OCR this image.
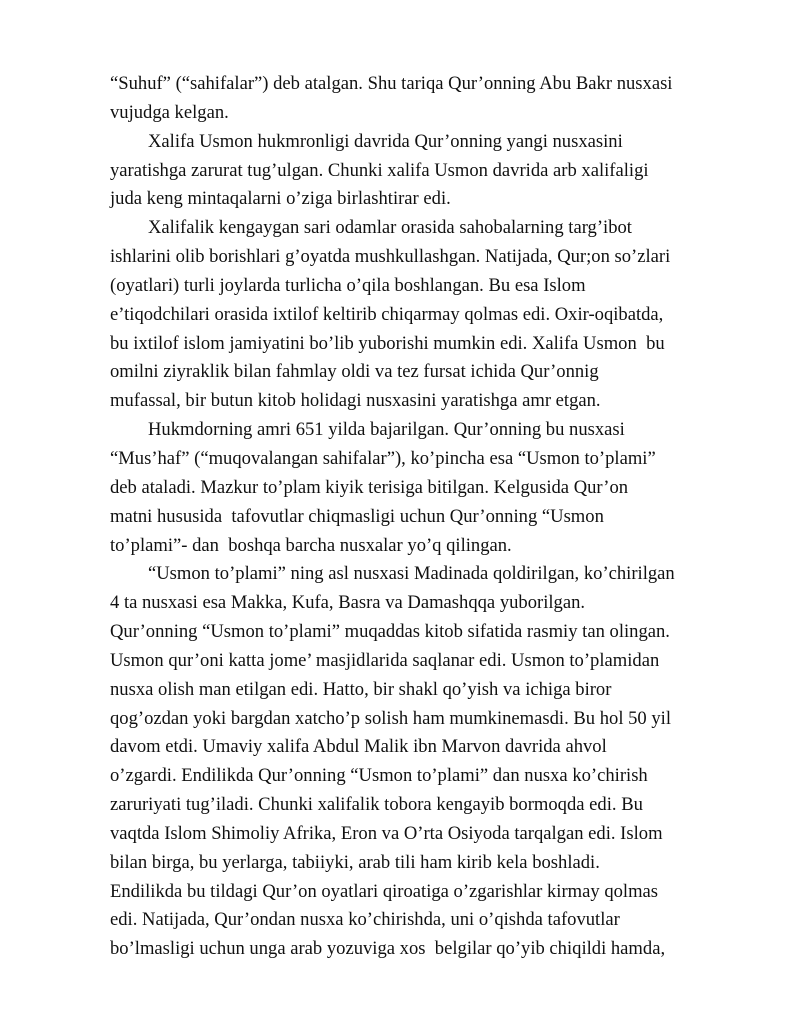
“Suhuf” (“sahifalar”) deb atalgan. Shu tariqa Qur’onning Abu Bakr nusxasi
vujudga kelgan.
Xalifa Usmon hukmronligi davrida Qur’onning yangi nusxasini
yaratishga zarurat tug’ulgan. Chunki xalifa Usmon davrida arb xalifaligi
juda keng mintaqalarni o’ziga birlashtirar edi.
Xalifalik kengaygan sari odamlar orasida sahobalarning targ’ibot
ishlarini olib borishlari g’oyatda mushkullashgan. Natijada, Qur;on so’zlari
(oyatlari) turli joylarda turlicha o’qila boshlangan. Bu esa Islom
e’tiqodchilari orasida ixtilof keltirib chiqarmay qolmas edi. Oxir-oqibatda,
bu ixtilof islom jamiyatini bo’lib yuborishi mumkin edi. Xalifa Usmon  bu
omilni ziyraklik bilan fahmlay oldi va tez fursat ichida Qur’onnig
mufassal, bir butun kitob holidagi nusxasini yaratishga amr etgan.
Hukmdorning amri 651 yilda bajarilgan. Qur’onning bu nusxasi
“Mus’haf” (“muqovalangan sahifalar”), ko’pincha esa “Usmon to’plami”
deb ataladi. Mazkur to’plam kiyik terisiga bitilgan. Kelgusida Qur’on
matni hususida  tafovutlar chiqmasligi uchun Qur’onning “Usmon
to’plami”- dan  boshqa barcha nusxalar yo’q qilingan.
“Usmon to’plami” ning asl nusxasi Madinada qoldirilgan, ko’chirilgan
4 ta nusxasi esa Makka, Kufa, Basra va Damashqqa yuborilgan.
Qur’onning “Usmon to’plami” muqaddas kitob sifatida rasmiy tan olingan.
Usmon qur’oni katta jome’ masjidlarida saqlanar edi. Usmon to’plamidan
nusxa olish man etilgan edi. Hatto, bir shakl qo’yish va ichiga biror
qog’ozdan yoki bargdan xatcho’p solish ham mumkinemasdi. Bu hol 50 yil
davom etdi. Umaviy xalifa Abdul Malik ibn Marvon davrida ahvol
o’zgardi. Endilikda Qur’onning “Usmon to’plami” dan nusxa ko’chirish
zaruriyati tug’iladi. Chunki xalifalik tobora kengayib bormoqda edi. Bu
vaqtda Islom Shimoliy Afrika, Eron va O’rta Osiyoda tarqalgan edi. Islom
bilan birga, bu yerlarga, tabiiyki, arab tili ham kirib kela boshladi.
Endilikda bu tildagi Qur’on oyatlari qiroatiga o’zgarishlar kirmay qolmas
edi. Natijada, Qur’ondan nusxa ko’chirishda, uni o’qishda tafovutlar
bo’lmasligi uchun unga arab yozuviga xos  belgilar qo’yib chiqildi hamda,
